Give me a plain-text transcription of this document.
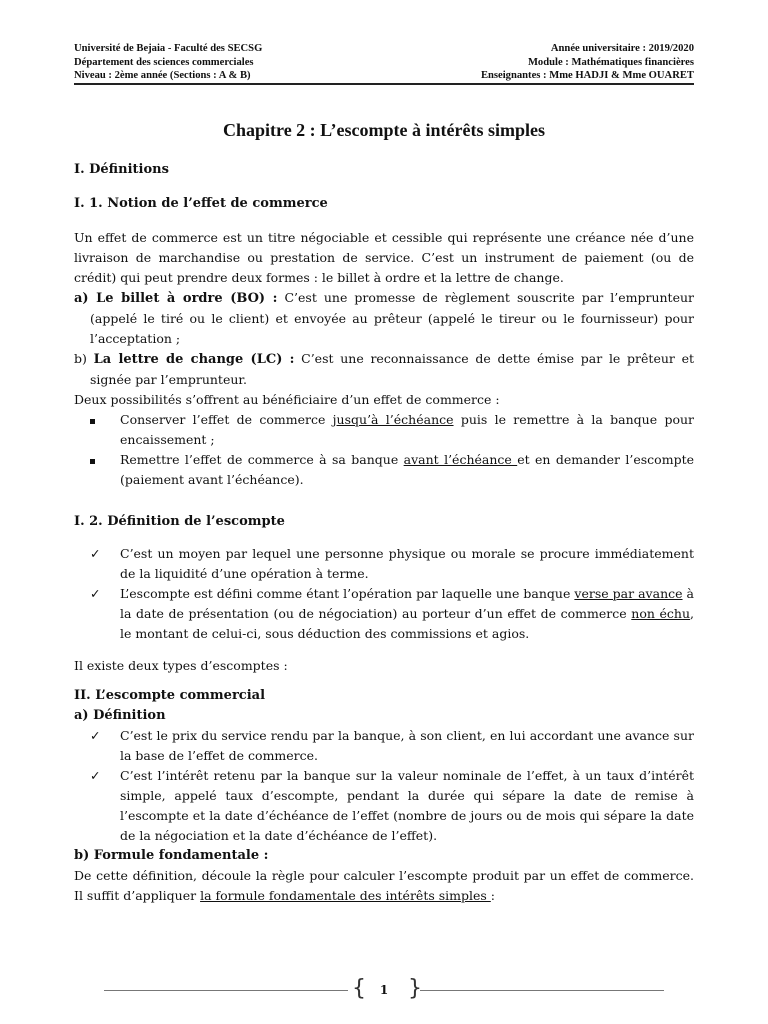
Université de Bejaia - Faculté des SECSG	Année universitaire : 2019/2020
Département des sciences commerciales	Module : Mathématiques financières
Niveau : 2ème année (Sections : A & B)	Enseignantes : Mme HADJI & Mme OUARET
Chapitre 2 : L’escompte à intérêts simples
I. Définitions
I. 1. Notion de l’effet de commerce

Un effet de commerce est un titre négociable et cessible qui représente une créance née d’une livraison de marchandise ou prestation de service. C’est un instrument de paiement (ou de crédit) qui peut prendre deux formes : le billet à ordre et la lettre de change.

a) Le billet à ordre (BO) : C’est une promesse de règlement souscrite par l’emprunteur (appelé le tiré ou le client) et envoyée au prêteur (appelé le tireur ou le fournisseur) pour l’acceptation ;

b) La lettre de change (LC) : C’est une reconnaissance de dette émise par le prêteur et signée par l’emprunteur.

Deux possibilités s’offrent au bénéficiaire d’un effet de commerce :

Conserver l’effet de commerce jusqu’à l’échéance puis le remettre à la banque pour encaissement ;
Remettre l’effet de commerce à sa banque avant l’échéance et en demander l’escompte (paiement avant l’échéance).
I. 2. Définition de l’escompte
✓	C’est un moyen par lequel une personne physique ou morale se procure immédiatement de la liquidité d’une opération à terme.
✓	L’escompte est défini comme étant l’opération par laquelle une banque verse par avance à la date de présentation (ou de négociation) au porteur d’un effet de commerce non échu, le montant de celui-ci, sous déduction des commissions et agios.

Il existe deux types d’escomptes :

II. L’escompte commercial
a) Définition
✓	C’est le prix du service rendu par la banque, à son client, en lui accordant une avance sur la base de l’effet de commerce.
✓	C’est l’intérêt retenu par la banque sur la valeur nominale de l’effet, à un taux d’intérêt simple, appelé taux d’escompte, pendant la durée qui sépare la date de remise à l’escompte et la date d’échéance de l’effet (nombre de jours ou de mois qui sépare la date de la négociation et la date d’échéance de l’effet).
b) Formule fondamentale :

De cette définition, découle la règle pour calculer l’escompte produit par un effet de commerce. Il suffit d’appliquer la formule fondamentale des intérêts simples :

{	1 }
